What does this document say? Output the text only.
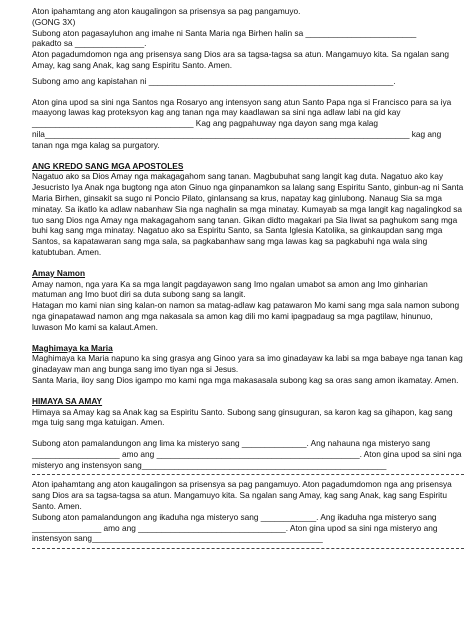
Aton ipahamtang ang aton kaugalingon sa prisensya sa pag pangamuyo.

(GONG 3X)

Subong aton pagasayluhon ang imahe ni Santa Maria nga Birhen halin sa ________________________
pakadto sa _______________.

Aton pagadumdomon nga ang prisensya sang Dios ara sa tagsa-tagsa sa atun. Mangamuyo kita. Sa ngalan sang Amay, kag sang Anak, kag sang Espiritu Santo. Amen.

Subong amo ang kapistahan ni _____________________________________________________.

Aton gina upod sa sini nga Santos nga Rosaryo ang intensyon sang atun Santo Papa nga si Francisco para sa iya maayong lawas kag proteksyon kag ang tanan nga may kaadlawan sa sini nga adlaw labi na gid kay ___________________________________ Kag ang pagpahuway nga dayon sang mga kalag nila_______________________________________________________________________________ kag ang tanan nga mga kalag sa purgatory.

ANG KREDO SANG MGA APOSTOLES

Nagatuo ako sa Dios Amay nga makagagahom sang tanan. Magbubuhat sang langit kag duta. Nagatuo ako kay Jesucristo Iya Anak nga bugtong nga aton Ginuo nga ginpanamkon sa lalang sang Espiritu Santo, ginbun-ag ni Santa Maria Birhen, ginsakit sa sugo ni Poncio Pilato, ginlansang sa krus, napatay kag ginlubong. Nanaug Sia sa mga minatay. Sa ikatlo ka adlaw nabanhaw Sia nga naghalin sa mga minatay. Kumayab sa mga langit kag nagalingkod sa tuo sang Dios nga Amay nga makagagahom sang tanan. Gikan didto magakari pa Sia liwat sa paghukom sang mga buhi kag sang mga minatay. Nagatuo ako sa Espiritu Santo, sa Santa Iglesia Katolika, sa ginkaupdan sang mga Santos, sa kapatawaran sang mga sala, sa pagkabanhaw sang mga lawas kag sa pagkabuhi nga wala sing katubtuban. Amen.

Amay Namon

Amay namon, nga yara Ka sa mga langit pagdayawon sang Imo ngalan umabot sa amon ang Imo ginharian matuman ang Imo buot diri sa duta subong sang sa langit.
Hatagan mo kami nian sing kalan-on namon sa matag-adlaw kag patawaron Mo kami sang mga sala namon subong nga ginapatawad namon ang mga nakasala sa amon kag dili mo kami ipagpadaug sa mga pagtilaw, hinunuo, luwason Mo kami sa kalaut.Amen.

Maghimaya ka Maria

Maghimaya ka Maria napuno ka sing grasya ang Ginoo yara sa imo ginadayaw ka labi sa mga babaye nga tanan kag ginadayaw man ang bunga sang imo tiyan nga si Jesus.
Santa Maria, iloy sang Dios igampo mo kami nga mga makasasala subong kag sa oras sang amon ikamatay. Amen.

HIMAYA SA AMAY

Himaya sa Amay kag sa Anak kag sa Espiritu Santo. Subong sang ginsuguran, sa karon kag sa gihapon, kag sang mga tuig sang mga katuigan. Amen.

Subong aton pamalandungon ang lima ka misteryo sang ______________. Ang nahauna nga misteryo sang ___________________ amo ang ____________________________________________. Aton gina upod sa sini nga misteryo ang instensyon sang_____________________________________________________

Aton ipahamtang ang aton kaugalingon sa prisensya sa pag pangamuyo. Aton pagadumdomon nga ang prisensya sang Dios ara sa tagsa-tagsa sa atun. Mangamuyo kita. Sa ngalan sang Amay, kag sang Anak, kag sang Espiritu Santo. Amen.

Subong aton pamalandungon ang ikaduha nga misteryo sang ____________. Ang ikaduha nga misteryo sang _______________ amo ang ________________________________. Aton gina upod sa sini nga misteryo ang instensyon sang__________________________________________________
